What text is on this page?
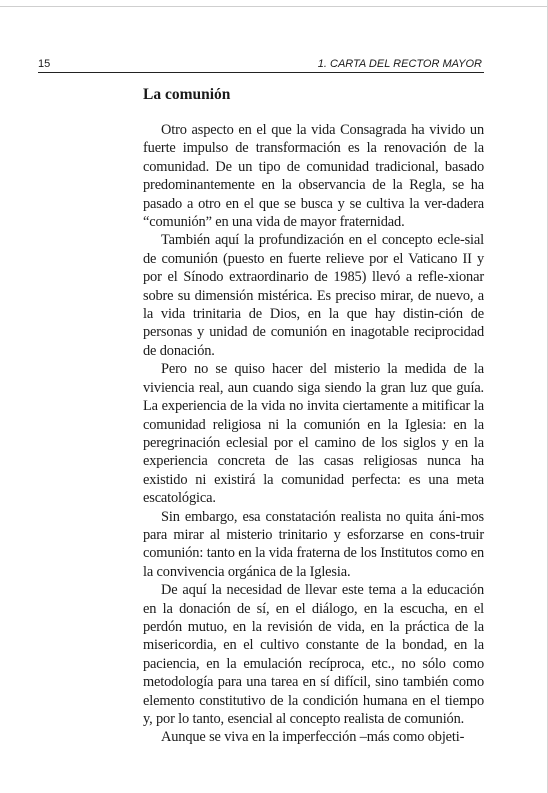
15	1. CARTA DEL RECTOR MAYOR
La comunión

Otro aspecto en el que la vida Consagrada ha vivido un fuerte impulso de transformación es la renovación de la comunidad. De un tipo de comunidad tradicional, basado predominantemente en la observancia de la Regla, se ha pasado a otro en el que se busca y se cultiva la ver-dadera “comunión” en una vida de mayor fraternidad.

También aquí la profundización en el concepto ecle-sial de comunión (puesto en fuerte relieve por el Vaticano II y por el Sínodo extraordinario de 1985) llevó a refle-xionar sobre su dimensión mistérica. Es preciso mirar, de nuevo, a la vida trinitaria de Dios, en la que hay distin-ción de personas y unidad de comunión en inagotable reciprocidad de donación.

Pero no se quiso hacer del misterio la medida de la viviencia real, aun cuando siga siendo la gran luz que guía. La experiencia de la vida no invita ciertamente a mitificar la comunidad religiosa ni la comunión en la Iglesia: en la peregrinación eclesial por el camino de los siglos y en la experiencia concreta de las casas religiosas nunca ha existido ni existirá la comunidad perfecta: es una meta escatológica.

Sin embargo, esa constatación realista no quita áni-mos para mirar al misterio trinitario y esforzarse en cons-truir comunión: tanto en la vida fraterna de los Institutos como en la convivencia orgánica de la Iglesia.

De aquí la necesidad de llevar este tema a la educación en la donación de sí, en el diálogo, en la escucha, en el perdón mutuo, en la revisión de vida, en la práctica de la misericordia, en el cultivo constante de la bondad, en la paciencia, en la emulación recíproca, etc., no sólo como metodología para una tarea en sí difícil, sino también como elemento constitutivo de la condición humana en el tiempo y, por lo tanto, esencial al concepto realista de comunión.

Aunque se viva en la imperfección –más como objeti-
